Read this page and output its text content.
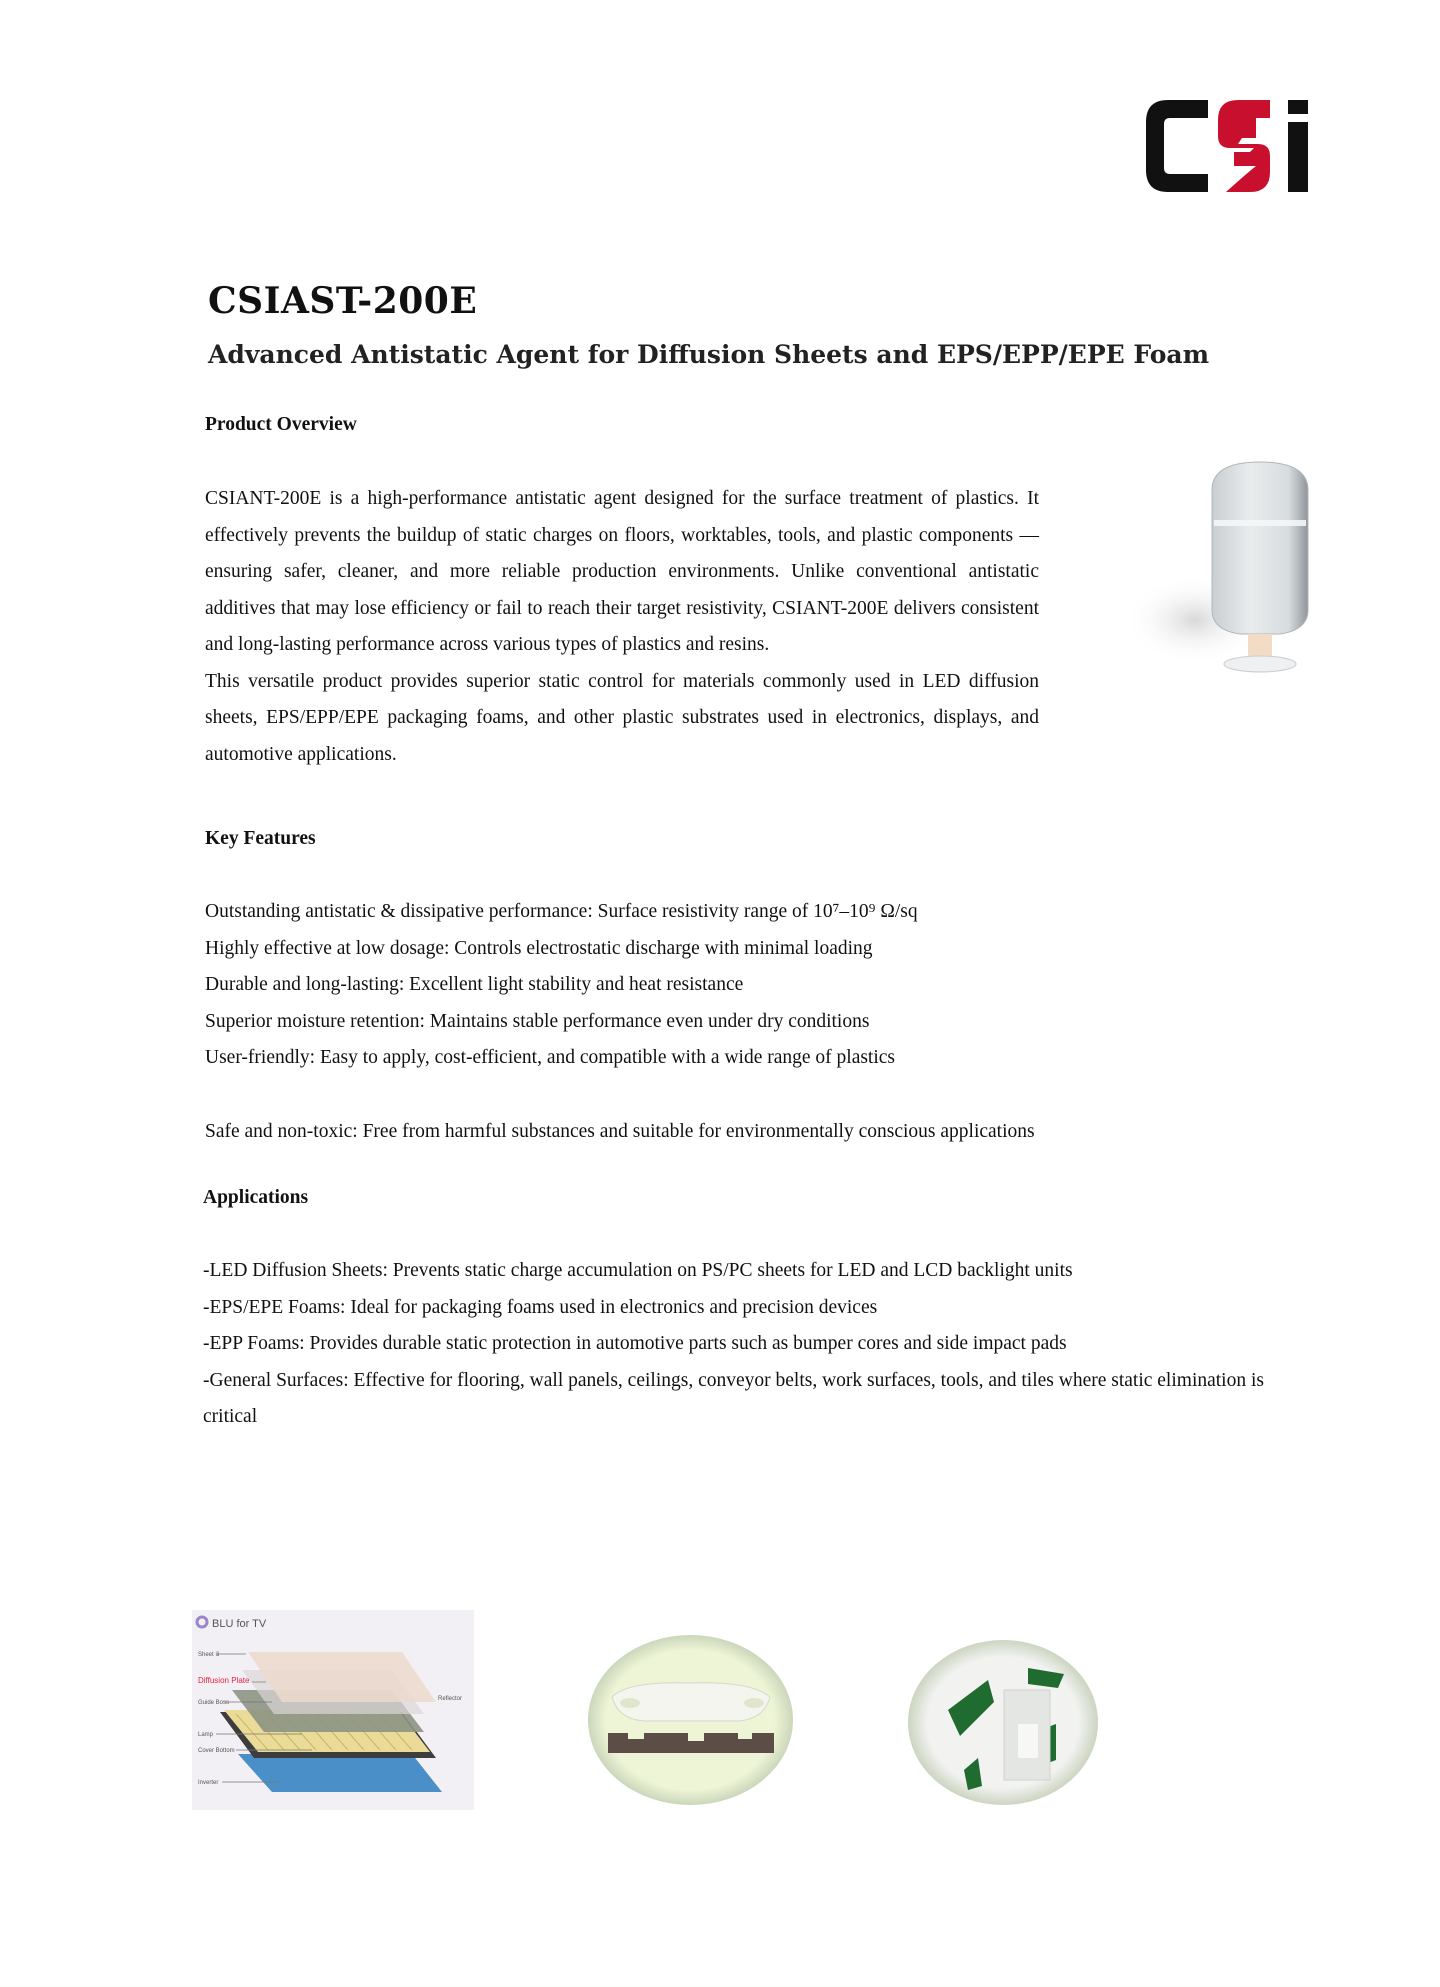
CSIAST-200E
Advanced Antistatic Agent for Diffusion Sheets and EPS/EPP/EPE Foam
Product Overview

CSIANT-200E is a high-performance antistatic agent designed for the surface treatment of plastics. It effectively prevents the buildup of static charges on floors, worktables, tools, and plastic components — ensuring safer, cleaner, and more reliable production environments. Unlike conventional antistatic additives that may lose efficiency or fail to reach their target resistivity, CSIANT-200E delivers consistent and long-lasting performance across various types of plastics and resins.

This versatile product provides superior static control for materials commonly used in LED diffusion sheets, EPS/EPP/EPE packaging foams, and other plastic substrates used in electronics, displays, and automotive applications.

Key Features
Outstanding antistatic & dissipative performance: Surface resistivity range of 10⁷–10⁹ Ω/sq
Highly effective at low dosage: Controls electrostatic discharge with minimal loading
Durable and long-lasting: Excellent light stability and heat resistance
Superior moisture retention: Maintains stable performance even under dry conditions
User-friendly: Easy to apply, cost-efficient, and compatible with a wide range of plastics

Safe and non-toxic: Free from harmful substances and suitable for environmentally conscious applications

Applications
-LED Diffusion Sheets: Prevents static charge accumulation on PS/PC sheets for LED and LCD backlight units
-EPS/EPE Foams: Ideal for packaging foams used in electronics and precision devices
-EPP Foams: Provides durable static protection in automotive parts such as bumper cores and side impact pads
-General Surfaces: Effective for flooring, wall panels, ceilings, conveyor belts, work surfaces, tools, and tiles where static elimination is critical
BLU for TV
Sheet ⅲ
Guide Boss
Lamp
Cover Bottom
Inverter
Reflector
Diffusion Plate
